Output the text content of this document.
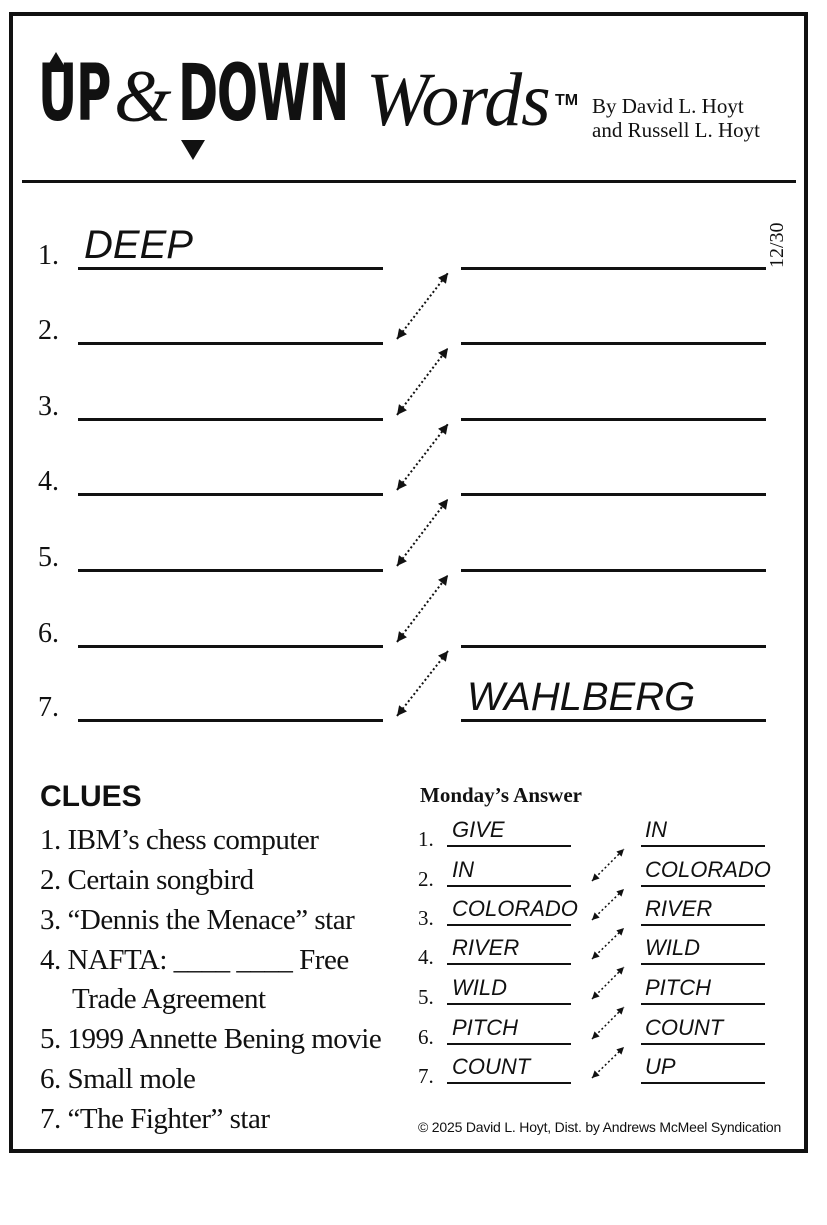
UP & DOWN Words TM By David L. Hoyt
and Russell L. Hoyt
12/30
1. DEEP
2.
3.
4.
5.
6.
7.	WAHLBERG
CLUES
1. IBM’s chess computer
2. Certain songbird
3. “Dennis the Menace” star
4. NAFTA: ____ ____ Free
Trade Agreement
5. 1999 Annette Bening movie
6. Small mole
7. “The Fighter” star
Monday’s Answer
1. GIVE	IN
2. IN	COLORADO
3. COLORADO	RIVER
4. RIVER	WILD
5. WILD	PITCH
6. PITCH	COUNT
7. COUNT	UP
© 2025 David L. Hoyt, Dist. by Andrews McMeel Syndication
